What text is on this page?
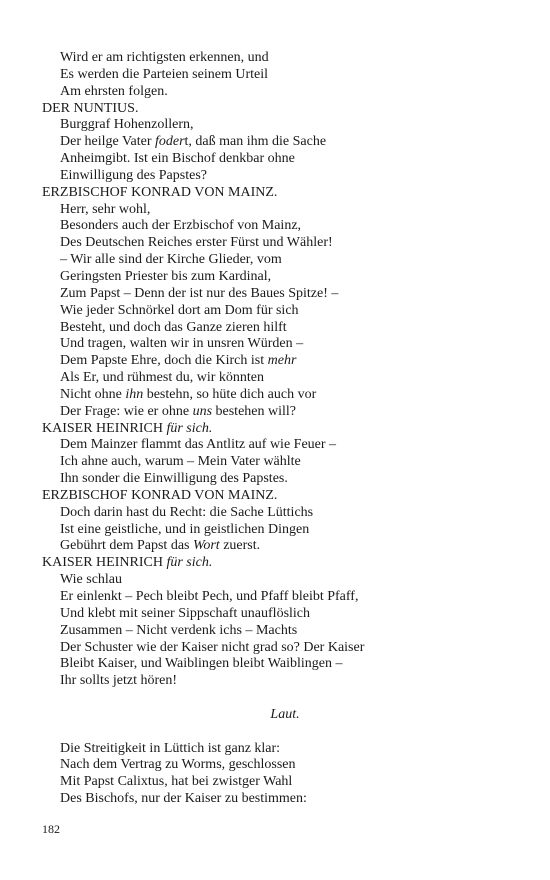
Wird er am richtigsten erkennen, und
Es werden die Parteien seinem Urteil
Am ehrsten folgen.
DER NUNTIUS.
Burggraf Hohenzollern,
Der heilge Vater fodert, daß man ihm die Sache
Anheimgibt. Ist ein Bischof denkbar ohne
Einwilligung des Papstes?
ERZBISCHOF KONRAD VON MAINZ.
Herr, sehr wohl,
Besonders auch der Erzbischof von Mainz,
Des Deutschen Reiches erster Fürst und Wähler!
– Wir alle sind der Kirche Glieder, vom
Geringsten Priester bis zum Kardinal,
Zum Papst – Denn der ist nur des Baues Spitze! –
Wie jeder Schnörkel dort am Dom für sich
Besteht, und doch das Ganze zieren hilft
Und tragen, walten wir in unsren Würden –
Dem Papste Ehre, doch die Kirch ist mehr
Als Er, und rühmest du, wir könnten
Nicht ohne ihn bestehn, so hüte dich auch vor
Der Frage: wie er ohne uns bestehen will?
KAISER HEINRICH für sich.
Dem Mainzer flammt das Antlitz auf wie Feuer –
Ich ahne auch, warum – Mein Vater wählte
Ihn sonder die Einwilligung des Papstes.
ERZBISCHOF KONRAD VON MAINZ.
Doch darin hast du Recht: die Sache Lüttichs
Ist eine geistliche, und in geistlichen Dingen
Gebührt dem Papst das Wort zuerst.
KAISER HEINRICH für sich.
Wie schlau
Er einlenkt – Pech bleibt Pech, und Pfaff bleibt Pfaff,
Und klebt mit seiner Sippschaft unauflöslich
Zusammen – Nicht verdenk ichs – Machts
Der Schuster wie der Kaiser nicht grad so? Der Kaiser
Bleibt Kaiser, und Waiblingen bleibt Waiblingen –
Ihr sollts jetzt hören!
Laut.
Die Streitigkeit in Lüttich ist ganz klar:
Nach dem Vertrag zu Worms, geschlossen
Mit Papst Calixtus, hat bei zwistger Wahl
Des Bischofs, nur der Kaiser zu bestimmen:
182
